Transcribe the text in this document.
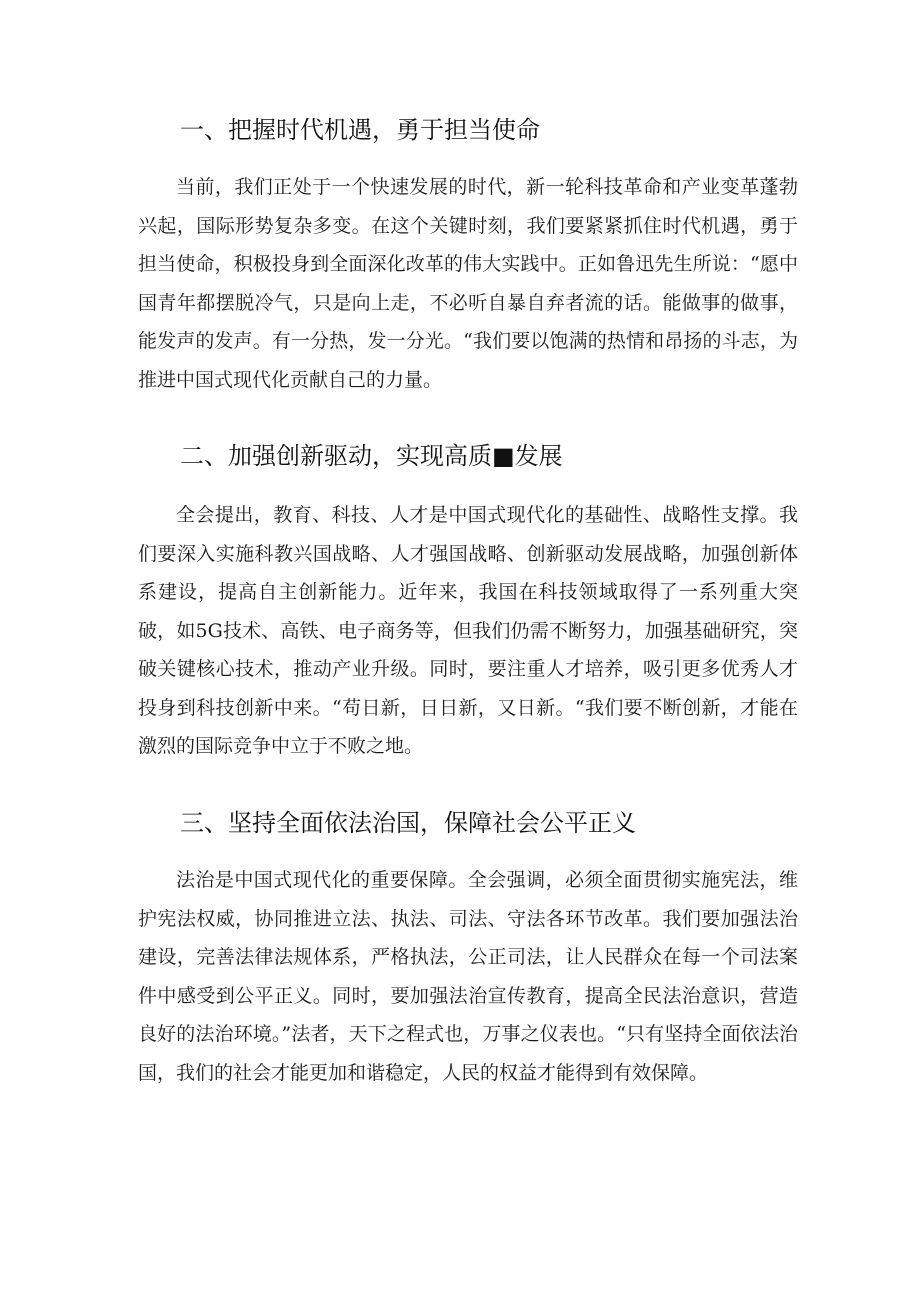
一、把握时代机遇，勇于担当使命

当前，我们正处于一个快速发展的时代，新一轮科技革命和产业变革蓬勃兴起，国际形势复杂多变。在这个关键时刻，我们要紧紧抓住时代机遇，勇于担当使命，积极投身到全面深化改革的伟大实践中。正如鲁迅先生所说：“愿中国青年都摆脱冷气，只是向上走，不必听自暴自弃者流的话。能做事的做事，能发声的发声。有一分热，发一分光。“我们要以饱满的热情和昂扬的斗志，为推进中国式现代化贡献自己的力量。

二、加强创新驱动，实现高质■发展

全会提出，教育、科技、人才是中国式现代化的基础性、战略性支撑。我们要深入实施科教兴国战略、人才强国战略、创新驱动发展战略，加强创新体系建设，提高自主创新能力。近年来，我国在科技领域取得了一系列重大突破，如5G技术、高铁、电子商务等，但我们仍需不断努力，加强基础研究，突破关键核心技术，推动产业升级。同时，要注重人才培养，吸引更多优秀人才投身到科技创新中来。“苟日新，日日新，又日新。“我们要不断创新，才能在激烈的国际竞争中立于不败之地。

三、坚持全面依法治国，保障社会公平正义

法治是中国式现代化的重要保障。全会强调，必须全面贯彻实施宪法，维护宪法权威，协同推进立法、执法、司法、守法各环节改革。我们要加强法治建设，完善法律法规体系，严格执法，公正司法，让人民群众在每一个司法案件中感受到公平正义。同时，要加强法治宣传教育，提高全民法治意识，营造良好的法治环境。”法者，天下之程式也，万事之仪表也。“只有坚持全面依法治国，我们的社会才能更加和谐稳定，人民的权益才能得到有效保障。
